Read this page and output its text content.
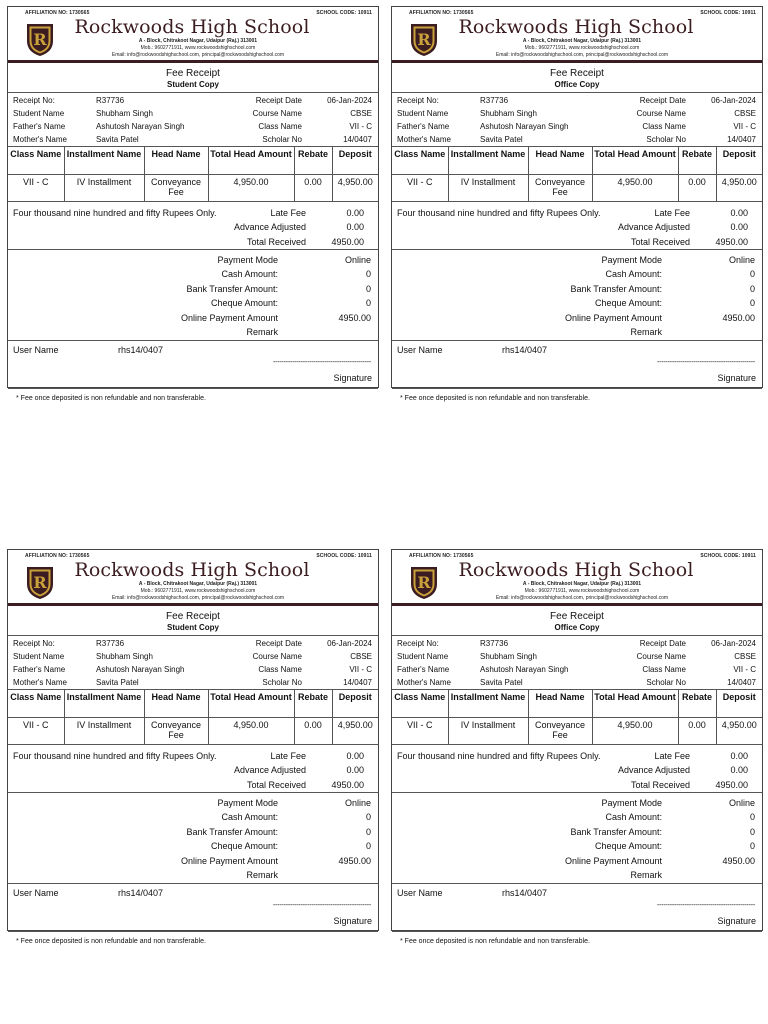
AFFILIATION NO: 1730565	SCHOOL CODE: 10911
R
Rockwoods High School
A - Block, Chitrakoot Nagar, Udaipur (Raj.) 313001
Mob.: 9602771911, www.rockwoodshighschool.com
Email: info@rockwoodshighschool.com, principal@rockwoodshighschool.com
Fee Receipt
Student Copy
Receipt No:	R37736	Receipt Date	06-Jan-2024
Student Name	Shubham Singh	Course Name	CBSE
Father's Name	Ashutosh Narayan Singh	Class Name	VII - C
Mother's Name	Savita Patel	Scholar No	14/0407
Class Name	Installment Name	Head Name	Total Head Amount	Rebate	Deposit
VII - C	IV Installment	Conveyance Fee	4,950.00	0.00	4,950.00
Four thousand nine hundred and fifty Rupees Only.	Late Fee	0.00
Advance Adjusted	0.00
Total Received	4950.00
Payment Mode	Online
Cash Amount:	0
Bank Transfer Amount:	0
Cheque Amount:	0
Online Payment Amount	4950.00
Remark
User Name	rhs14/0407
----------------------------------------------
Signature
* Fee once deposited is non refundable and non transferable.
AFFILIATION NO: 1730565	SCHOOL CODE: 10911
R
Rockwoods High School
A - Block, Chitrakoot Nagar, Udaipur (Raj.) 313001
Mob.: 9602771911, www.rockwoodshighschool.com
Email: info@rockwoodshighschool.com, principal@rockwoodshighschool.com
Fee Receipt
Office Copy
Receipt No:	R37736	Receipt Date	06-Jan-2024
Student Name	Shubham Singh	Course Name	CBSE
Father's Name	Ashutosh Narayan Singh	Class Name	VII - C
Mother's Name	Savita Patel	Scholar No	14/0407
Class Name	Installment Name	Head Name	Total Head Amount	Rebate	Deposit
VII - C	IV Installment	Conveyance Fee	4,950.00	0.00	4,950.00
Four thousand nine hundred and fifty Rupees Only.	Late Fee	0.00
Advance Adjusted	0.00
Total Received	4950.00
Payment Mode	Online
Cash Amount:	0
Bank Transfer Amount:	0
Cheque Amount:	0
Online Payment Amount	4950.00
Remark
User Name	rhs14/0407
----------------------------------------------
Signature
* Fee once deposited is non refundable and non transferable.
AFFILIATION NO: 1730565	SCHOOL CODE: 10911
R
Rockwoods High School
A - Block, Chitrakoot Nagar, Udaipur (Raj.) 313001
Mob.: 9602771911, www.rockwoodshighschool.com
Email: info@rockwoodshighschool.com, principal@rockwoodshighschool.com
Fee Receipt
Student Copy
Receipt No:	R37736	Receipt Date	06-Jan-2024
Student Name	Shubham Singh	Course Name	CBSE
Father's Name	Ashutosh Narayan Singh	Class Name	VII - C
Mother's Name	Savita Patel	Scholar No	14/0407
Class Name	Installment Name	Head Name	Total Head Amount	Rebate	Deposit
VII - C	IV Installment	Conveyance Fee	4,950.00	0.00	4,950.00
Four thousand nine hundred and fifty Rupees Only.	Late Fee	0.00
Advance Adjusted	0.00
Total Received	4950.00
Payment Mode	Online
Cash Amount:	0
Bank Transfer Amount:	0
Cheque Amount:	0
Online Payment Amount	4950.00
Remark
User Name	rhs14/0407
----------------------------------------------
Signature
* Fee once deposited is non refundable and non transferable.
AFFILIATION NO: 1730565	SCHOOL CODE: 10911
R
Rockwoods High School
A - Block, Chitrakoot Nagar, Udaipur (Raj.) 313001
Mob.: 9602771911, www.rockwoodshighschool.com
Email: info@rockwoodshighschool.com, principal@rockwoodshighschool.com
Fee Receipt
Office Copy
Receipt No:	R37736	Receipt Date	06-Jan-2024
Student Name	Shubham Singh	Course Name	CBSE
Father's Name	Ashutosh Narayan Singh	Class Name	VII - C
Mother's Name	Savita Patel	Scholar No	14/0407
Class Name	Installment Name	Head Name	Total Head Amount	Rebate	Deposit
VII - C	IV Installment	Conveyance Fee	4,950.00	0.00	4,950.00
Four thousand nine hundred and fifty Rupees Only.	Late Fee	0.00
Advance Adjusted	0.00
Total Received	4950.00
Payment Mode	Online
Cash Amount:	0
Bank Transfer Amount:	0
Cheque Amount:	0
Online Payment Amount	4950.00
Remark
User Name	rhs14/0407
----------------------------------------------
Signature
* Fee once deposited is non refundable and non transferable.
